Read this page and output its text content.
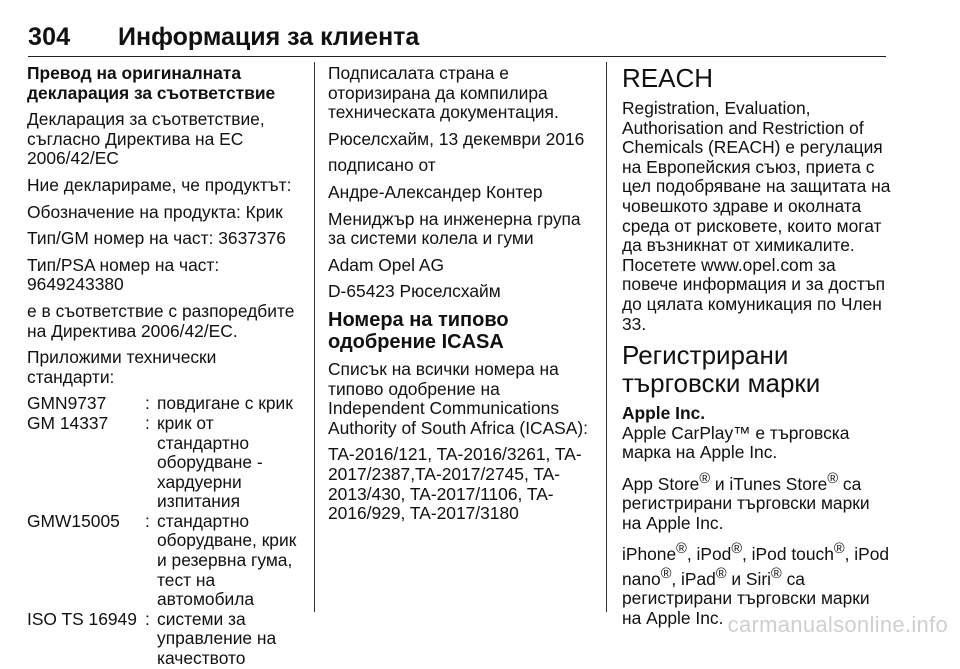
304 Информация за клиента

Превод на оригиналната декларация за съответствие

Декларация за съответствие, съгласно Директива на ЕС 2006/42/ЕС

Ние декларираме, че продуктът:

Обозначение на продукта: Крик

Тип/GM номер на част: 3637376

Тип/PSA номер на част: 9649243380

е в съответствие с разпоредбите на Директива 2006/42/ЕС.

Приложими технически стандарти:

GMN9737	:	повдигане с крик
GM 14337	:	крик от стандартно оборудване - хардуерни изпитания
GMW15005	:	стандартно оборудване, крик и резервна гума, тест на автомобила
ISO TS 16949	:	системи за управление на качеството

Подписалата страна е оторизирана да компилира техническата документация.

Рюселсхайм, 13 декември 2016

подписано от

Андре-Александер Контер

Мениджър на инженерна група за системи колела и гуми

Adam Opel AG

D-65423 Рюселсхайм

Номера на типово одобрение ICASA

Списък на всички номера на типово одобрение на Independent Communications Authority of South Africa (ICASA):

TA-2016/121, TA-2016/3261, TA-2017/2387,TA-2017/2745, TA-2013/430, TA-2017/1106, TA-2016/929, TA-2017/3180

REACH

Registration, Evaluation, Authorisation and Restriction of Chemicals (REACH) е регулация на Европейския съюз, приета с цел подобряване на защитата на човешкото здраве и околната среда от рисковете, които могат да възникнат от химикалите. Посетете www.opel.com за повече информация и за достъп до цялата комуникация по Член 33.

Регистрирани търговски марки

Apple Inc.

Apple CarPlay™ е търговска марка на Apple Inc.

App Store® и iTunes Store® са регистрирани търговски марки на Apple Inc.

iPhone®, iPod®, iPod touch®, iPod nano®, iPad® и Siri® са регистрирани търговски марки на Apple Inc. carmanualsonline.info
